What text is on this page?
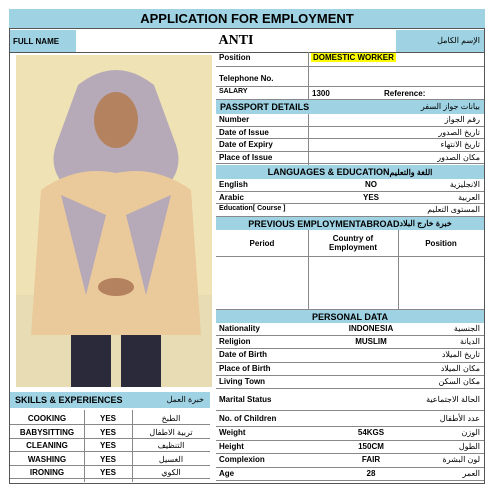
APPLICATION FOR EMPLOYMENT
FULL NAME	ANTI	الإسم الكامل
Position	DOMESTIC WORKER
Telephone No.
SALARY	1300	Reference:
PASSPORT DETAILS	بيانات جواز السفر
Number	رقم الجواز
Date of Issue	تاريخ الصدور
Date of Expiry	تاريخ الانتهاء
Place of Issue	مكان الصدور
LANGUAGES & EDUCATION اللغة والتعليم
English	NO	الانجليزية
Arabic	YES	العربية
Education[ Course ]	المستوى التعليم
PREVIOUS EMPLOYMENTABROAD خبرة خارج البلاد
Period	Country of Employment	Position
PERSONAL DATA
Nationality	INDONESIA	الجنسية
Religion	MUSLIM	الديانة
Date of Birth	تاريخ الميلاد
Place of Birth	مكان الميلاد
Living Town	مكان السكن
Marital Status	الحالة الاجتماعية
No. of Children	عدد الأطفال
Weight	54KGS	الوزن
Height	150CM	الطول
Complexion	FAIR	لون البشرة
Age	28	العمر
SKILLS & EXPERIENCES	خبرة العمل
COOKING	YES	الطبخ
BABYSITTING	YES	تربية الاطفال
CLEANING	YES	التنظيف
WASHING	YES	الغسيل
IRONING	YES	الكوي
